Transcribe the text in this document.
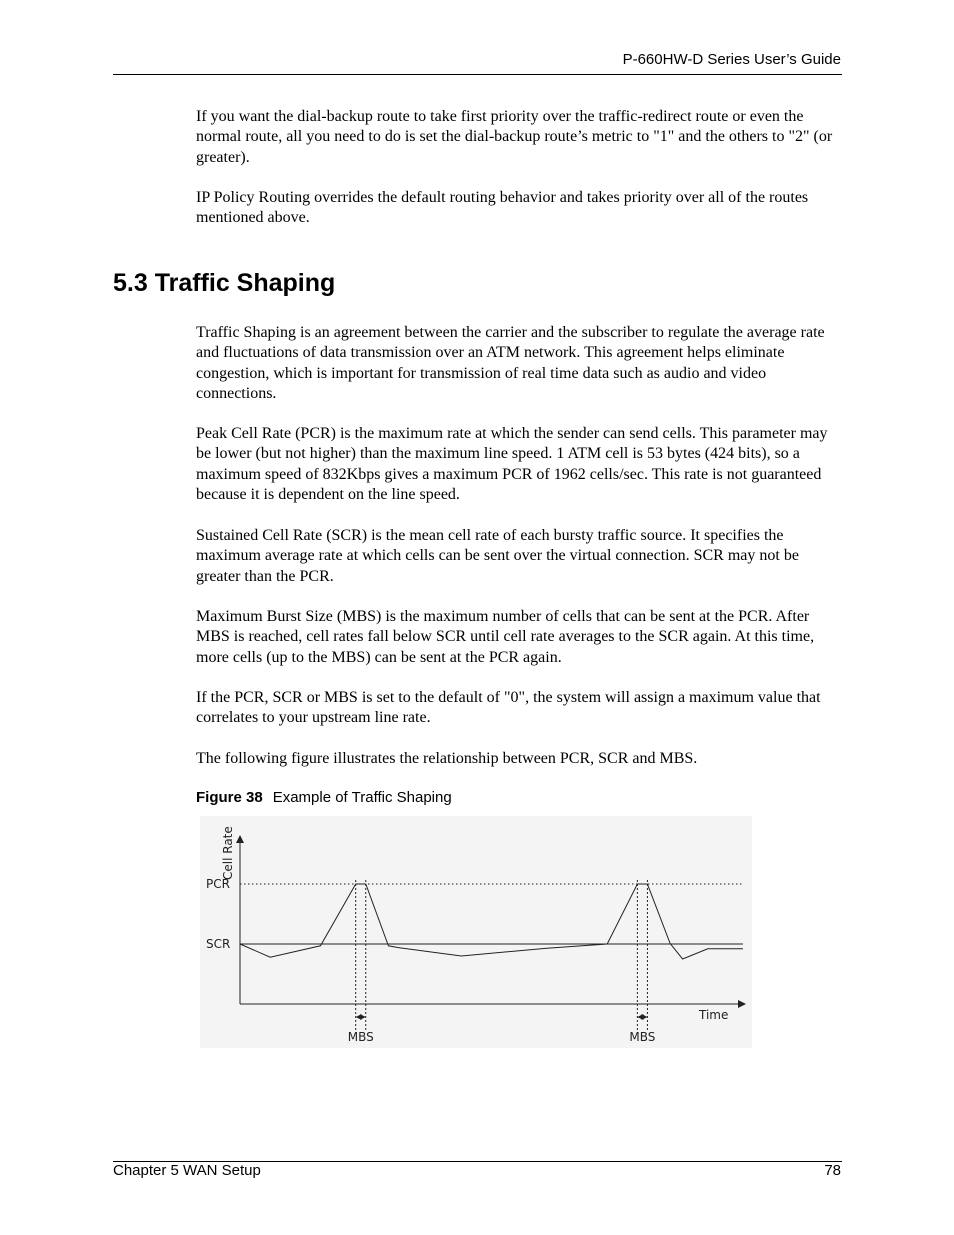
P-660HW-D Series User’s Guide

If you want the dial-backup route to take first priority over the traffic-redirect route or even the normal route, all you need to do is set the dial-backup route’s metric to "1" and the others to "2" (or greater).

IP Policy Routing overrides the default routing behavior and takes priority over all of the routes mentioned above.

5.3 Traffic Shaping

Traffic Shaping is an agreement between the carrier and the subscriber to regulate the average rate and fluctuations of data transmission over an ATM network. This agreement helps eliminate congestion, which is important for transmission of real time data such as audio and video connections.

Peak Cell Rate (PCR) is the maximum rate at which the sender can send cells. This parameter may be lower (but not higher) than the maximum line speed. 1 ATM cell is 53 bytes (424 bits), so a maximum speed of 832Kbps gives a maximum PCR of 1962 cells/sec. This rate is not guaranteed because it is dependent on the line speed.

Sustained Cell Rate (SCR) is the mean cell rate of each bursty traffic source. It specifies the maximum average rate at which cells can be sent over the virtual connection. SCR may not be greater than the PCR.

Maximum Burst Size (MBS) is the maximum number of cells that can be sent at the PCR. After MBS is reached, cell rates fall below SCR until cell rate averages to the SCR again. At this time, more cells (up to the MBS) can be sent at the PCR again.

If the PCR, SCR or MBS is set to the default of "0", the system will assign a maximum value that correlates to your upstream line rate.

The following figure illustrates the relationship between PCR, SCR and MBS.

Figure 38 Example of Traffic Shaping
Cell Rate
Time
PCR
SCR
MBS	MBS
Chapter 5 WAN Setup	78
